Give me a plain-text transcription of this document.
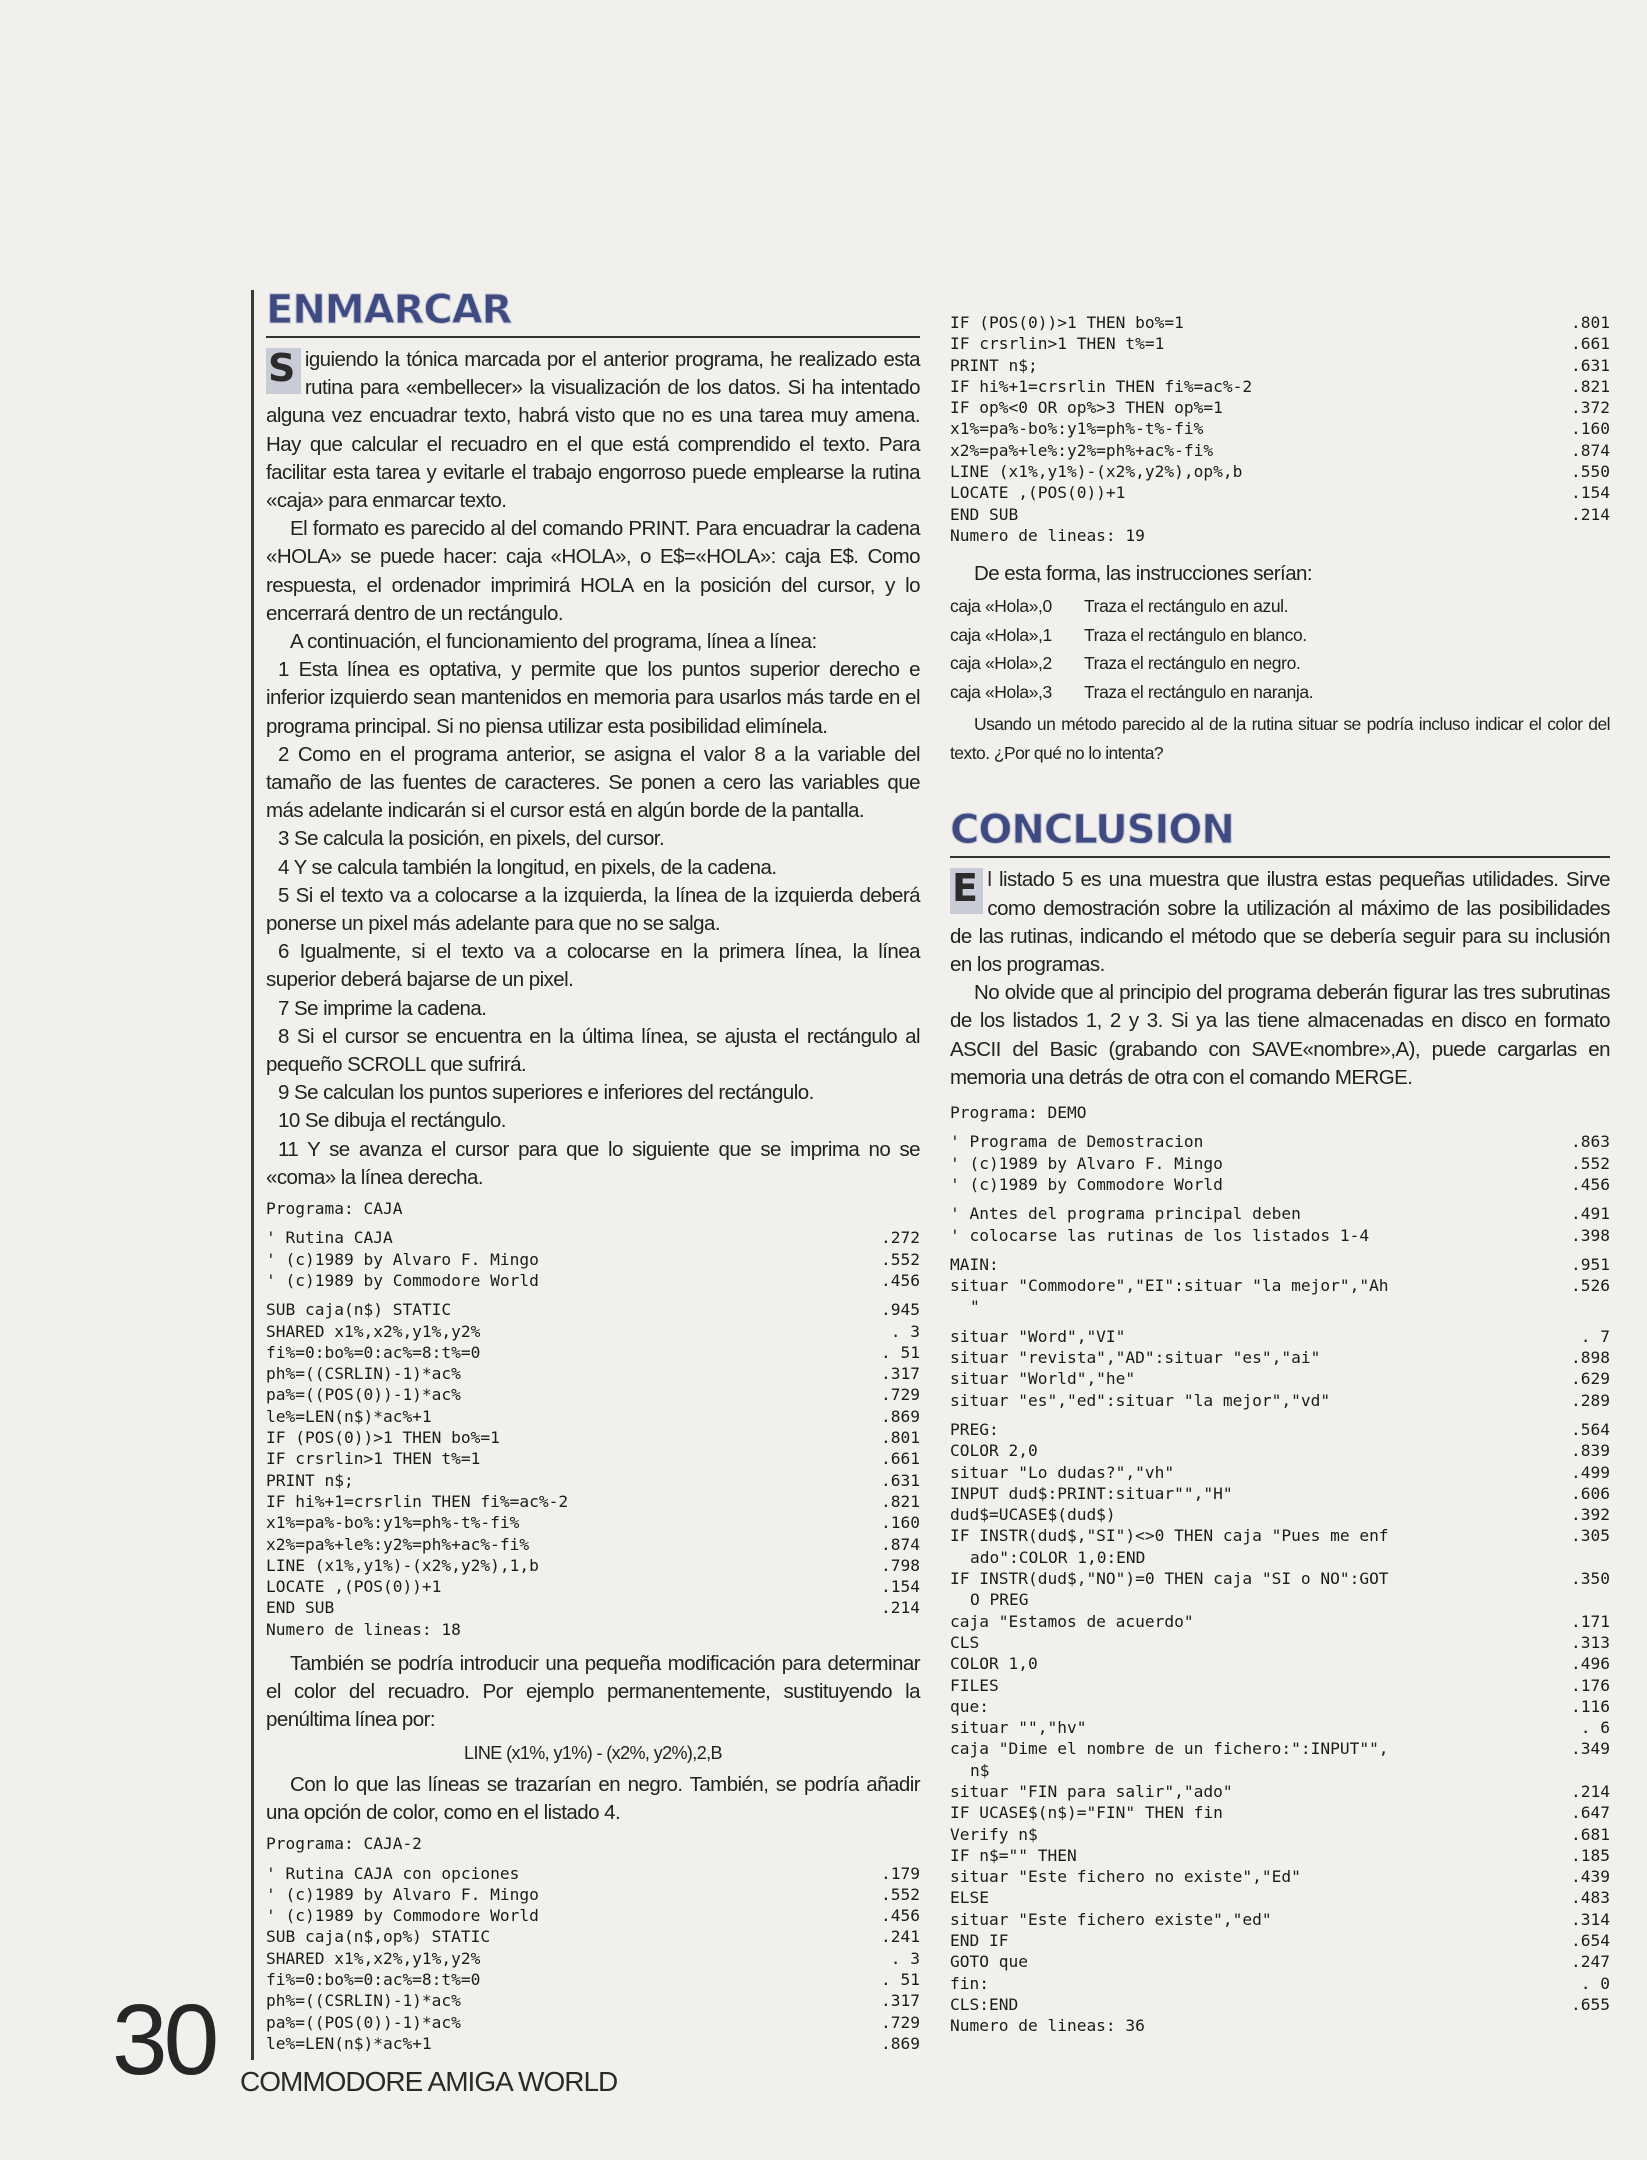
ENMARCAR

S iguiendo la tónica marcada por el anterior programa, he realizado esta rutina para «embellecer» la visualización de los datos. Si ha intentado alguna vez encuadrar texto, habrá visto que no es una tarea muy amena. Hay que calcular el recuadro en el que está comprendido el texto. Para facilitar esta tarea y evitarle el trabajo engorroso puede emplearse la rutina «caja» para enmarcar texto.

El formato es parecido al del comando PRINT. Para encuadrar la cadena «HOLA» se puede hacer: caja «HOLA», o E$=«HOLA»: caja E$. Como respuesta, el ordenador imprimirá HOLA en la posición del cursor, y lo encerrará dentro de un rectángulo.

A continuación, el funcionamiento del programa, línea a línea:

1 Esta línea es optativa, y permite que los puntos superior derecho e inferior izquierdo sean mantenidos en memoria para usarlos más tarde en el programa principal. Si no piensa utilizar esta posibilidad elimínela.

2 Como en el programa anterior, se asigna el valor 8 a la variable del tamaño de las fuentes de caracteres. Se ponen a cero las variables que más adelante indicarán si el cursor está en algún borde de la pantalla.

3 Se calcula la posición, en pixels, del cursor.

4 Y se calcula también la longitud, en pixels, de la cadena.

5 Si el texto va a colocarse a la izquierda, la línea de la izquierda deberá ponerse un pixel más adelante para que no se salga.

6 Igualmente, si el texto va a colocarse en la primera línea, la línea superior deberá bajarse de un pixel.

7 Se imprime la cadena.

8 Si el cursor se encuentra en la última línea, se ajusta el rectángulo al pequeño SCROLL que sufrirá.

9 Se calculan los puntos superiores e inferiores del rectángulo.

10 Se dibuja el rectángulo.

11 Y se avanza el cursor para que lo siguiente que se imprima no se «coma» la línea derecha.

Programa: CAJA
' Rutina CAJA	.272
' (c)1989 by Alvaro F. Mingo	.552
' (c)1989 by Commodore World	.456
SUB caja(n$) STATIC	.945
SHARED x1%,x2%,y1%,y2%	. 3
fi%=0:bo%=0:ac%=8:t%=0	. 51
ph%=((CSRLIN)-1)*ac%	.317
pa%=((POS(0))-1)*ac%	.729
le%=LEN(n$)*ac%+1	.869
IF (POS(0))>1 THEN bo%=1	.801
IF crsrlin>1 THEN t%=1	.661
PRINT n$;	.631
IF hi%+1=crsrlin THEN fi%=ac%-2	.821
x1%=pa%-bo%:y1%=ph%-t%-fi%	.160
x2%=pa%+le%:y2%=ph%+ac%-fi%	.874
LINE (x1%,y1%)-(x2%,y2%),1,b	.798
LOCATE ,(POS(0))+1	.154
END SUB	.214
Numero de lineas: 18

También se podría introducir una pequeña modificación para determinar el color del recuadro. Por ejemplo permanentemente, sustituyendo la penúltima línea por:

LINE (x1%, y1%) - (x2%, y2%),2,B

Con lo que las líneas se trazarían en negro. También, se podría añadir una opción de color, como en el listado 4.

Programa: CAJA-2
' Rutina CAJA con opciones	.179
' (c)1989 by Alvaro F. Mingo	.552
' (c)1989 by Commodore World	.456
SUB caja(n$,op%) STATIC	.241
SHARED x1%,x2%,y1%,y2%	. 3
fi%=0:bo%=0:ac%=8:t%=0	. 51
ph%=((CSRLIN)-1)*ac%	.317
pa%=((POS(0))-1)*ac%	.729
le%=LEN(n$)*ac%+1	.869
IF (POS(0))>1 THEN bo%=1	.801
IF crsrlin>1 THEN t%=1	.661
PRINT n$;	.631
IF hi%+1=crsrlin THEN fi%=ac%-2	.821
IF op%<0 OR op%>3 THEN op%=1	.372
x1%=pa%-bo%:y1%=ph%-t%-fi%	.160
x2%=pa%+le%:y2%=ph%+ac%-fi%	.874
LINE (x1%,y1%)-(x2%,y2%),op%,b	.550
LOCATE ,(POS(0))+1	.154
END SUB	.214
Numero de lineas: 19

De esta forma, las instrucciones serían:

caja «Hola»,0	Traza el rectángulo en azul.
caja «Hola»,1	Traza el rectángulo en blanco.
caja «Hola»,2	Traza el rectángulo en negro.
caja «Hola»,3	Traza el rectángulo en naranja.

Usando un método parecido al de la rutina situar se podría incluso indicar el color del texto. ¿Por qué no lo intenta?

CONCLUSION

E l listado 5 es una muestra que ilustra estas pequeñas utilidades. Sirve como demostración sobre la utilización al máximo de las posibilidades de las rutinas, indicando el método que se debería seguir para su inclusión en los programas.

No olvide que al principio del programa deberán figurar las tres subrutinas de los listados 1, 2 y 3. Si ya las tiene almacenadas en disco en formato ASCII del Basic (grabando con SAVE«nombre»,A), puede cargarlas en memoria una detrás de otra con el comando MERGE.

Programa: DEMO
' Programa de Demostracion	.863
' (c)1989 by Alvaro F. Mingo	.552
' (c)1989 by Commodore World	.456
' Antes del programa principal deben	.491
' colocarse las rutinas de los listados 1-4	.398
MAIN:	.951
situar "Commodore","EI":situar "la mejor","Ah	.526
"
situar "Word","VI"	. 7
situar "revista","AD":situar "es","ai"	.898
situar "World","he"	.629
situar "es","ed":situar "la mejor","vd"	.289
PREG:	.564
COLOR 2,0	.839
situar "Lo dudas?","vh"	.499
INPUT dud$:PRINT:situar"","H"	.606
dud$=UCASE$(dud$)	.392
IF INSTR(dud$,"SI")<>0 THEN caja "Pues me enf	.305
ado":COLOR 1,0:END
IF INSTR(dud$,"NO")=0 THEN caja "SI o NO":GOT	.350
O PREG
caja "Estamos de acuerdo"	.171
CLS	.313
COLOR 1,0	.496
FILES	.176
que:	.116
situar "","hv"	. 6
caja "Dime el nombre de un fichero:":INPUT"",	.349
n$
situar "FIN para salir","ado"	.214
IF UCASE$(n$)="FIN" THEN fin	.647
Verify n$	.681
IF n$="" THEN	.185
situar "Este fichero no existe","Ed"	.439
ELSE	.483
situar "Este fichero existe","ed"	.314
END IF	.654
GOTO que	.247
fin:	. 0
CLS:END	.655
Numero de lineas: 36
30 COMMODORE AMIGA WORLD
